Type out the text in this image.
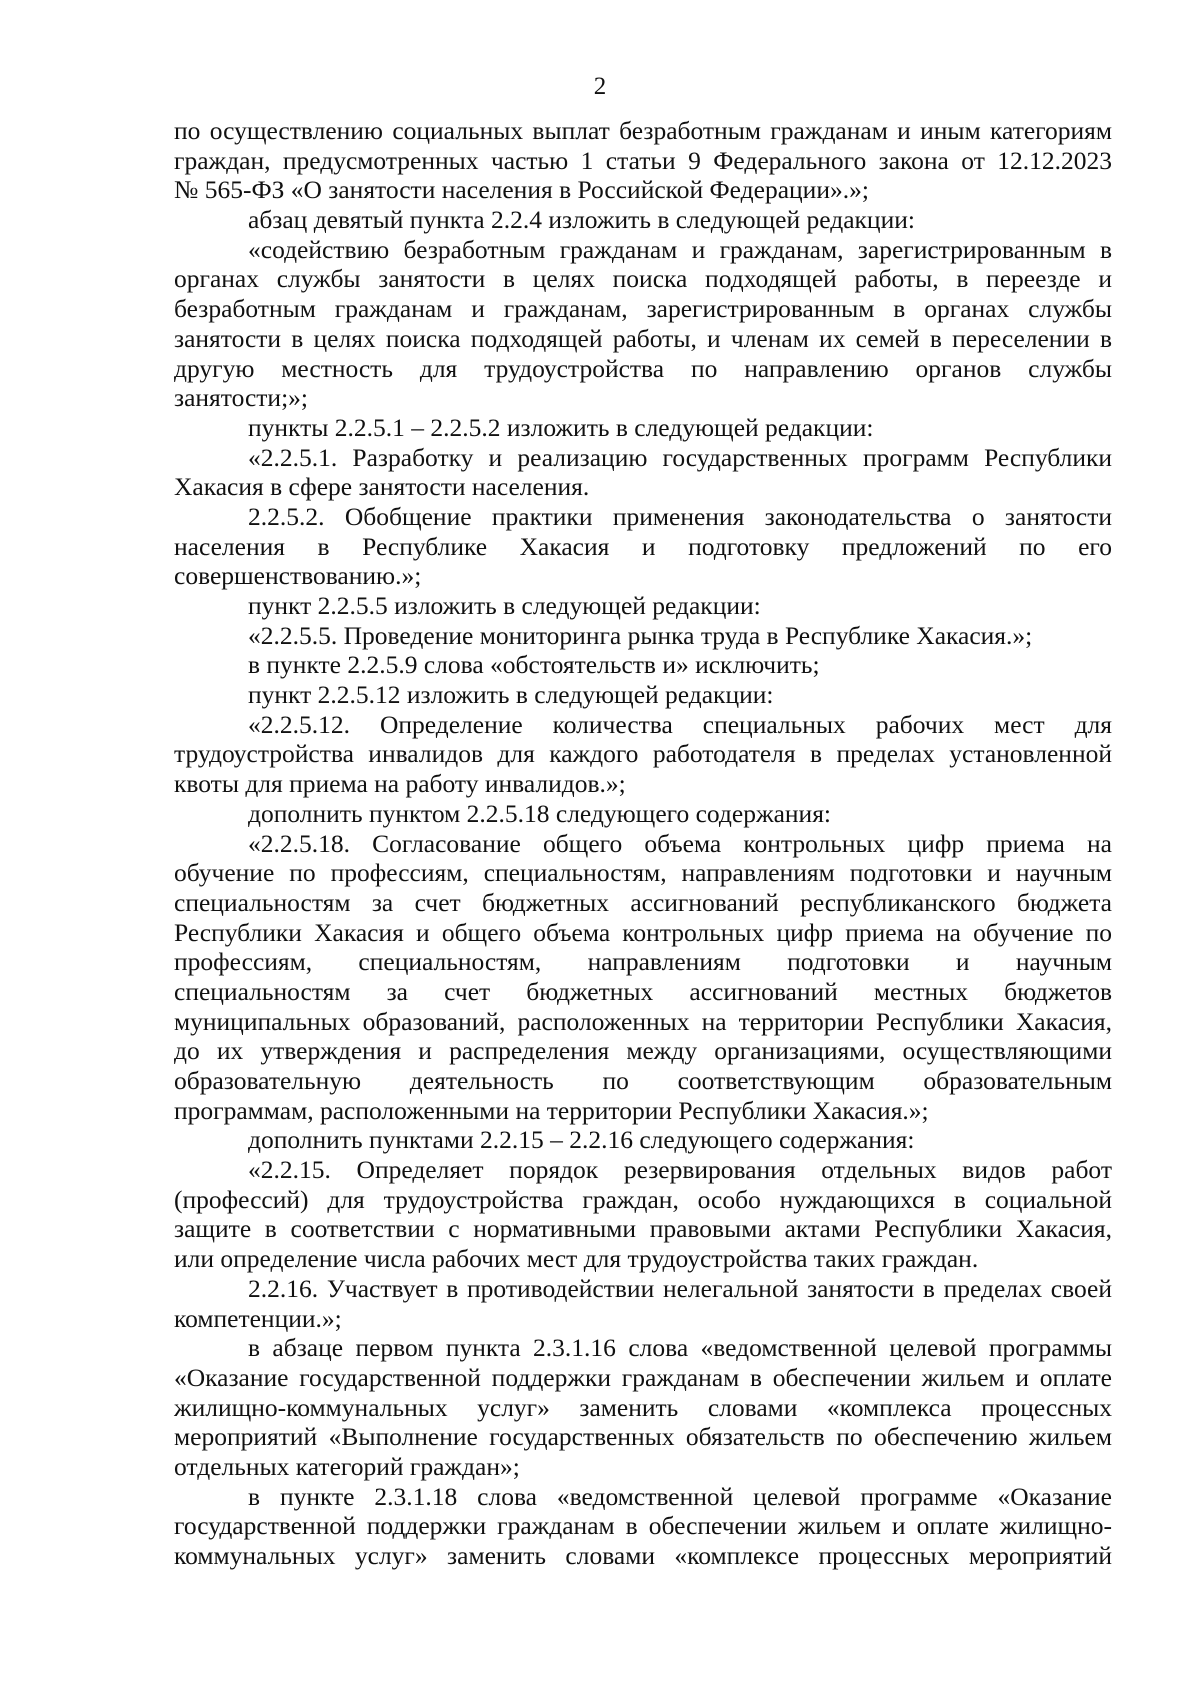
2
по осуществлению социальных выплат безработным гражданам и иным категориям
граждан, предусмотренных частью 1 статьи 9 Федерального закона от 12.12.2023
№ 565-ФЗ «О занятости населения в Российской Федерации».»;
абзац девятый пункта 2.2.4 изложить в следующей редакции:
«содействию безработным гражданам и гражданам, зарегистрированным в
органах службы занятости в целях поиска подходящей работы, в переезде и
безработным гражданам и гражданам, зарегистрированным в органах службы
занятости в целях поиска подходящей работы, и членам их семей в переселении в
другую местность для трудоустройства по направлению органов службы
занятости;»;
пункты 2.2.5.1 – 2.2.5.2 изложить в следующей редакции:
«2.2.5.1. Разработку и реализацию государственных программ Республики
Хакасия в сфере занятости населения.
2.2.5.2. Обобщение практики применения законодательства о занятости
населения в Республике Хакасия и подготовку предложений по его
совершенствованию.»;
пункт 2.2.5.5 изложить в следующей редакции:
«2.2.5.5. Проведение мониторинга рынка труда в Республике Хакасия.»;
в пункте 2.2.5.9 слова «обстоятельств и» исключить;
пункт 2.2.5.12 изложить в следующей редакции:
«2.2.5.12. Определение количества специальных рабочих мест для
трудоустройства инвалидов для каждого работодателя в пределах установленной
квоты для приема на работу инвалидов.»;
дополнить пунктом 2.2.5.18 следующего содержания:
«2.2.5.18. Согласование общего объема контрольных цифр приема на
обучение по профессиям, специальностям, направлениям подготовки и научным
специальностям за счет бюджетных ассигнований республиканского бюджета
Республики Хакасия и общего объема контрольных цифр приема на обучение по
профессиям, специальностям, направлениям подготовки и научным
специальностям за счет бюджетных ассигнований местных бюджетов
муниципальных образований, расположенных на территории Республики Хакасия,
до их утверждения и распределения между организациями, осуществляющими
образовательную деятельность по соответствующим образовательным
программам, расположенными на территории Республики Хакасия.»;
дополнить пунктами 2.2.15 – 2.2.16 следующего содержания:
«2.2.15. Определяет порядок резервирования отдельных видов работ
(профессий) для трудоустройства граждан, особо нуждающихся в социальной
защите в соответствии с нормативными правовыми актами Республики Хакасия,
или определение числа рабочих мест для трудоустройства таких граждан.
2.2.16. Участвует в противодействии нелегальной занятости в пределах своей
компетенции.»;
в абзаце первом пункта 2.3.1.16 слова «ведомственной целевой программы
«Оказание государственной поддержки гражданам в обеспечении жильем и оплате
жилищно-коммунальных услуг» заменить словами «комплекса процессных
мероприятий «Выполнение государственных обязательств по обеспечению жильем
отдельных категорий граждан»;
в пункте 2.3.1.18 слова «ведомственной целевой программе «Оказание
государственной поддержки гражданам в обеспечении жильем и оплате жилищно-
коммунальных услуг» заменить словами «комплексе процессных мероприятий
